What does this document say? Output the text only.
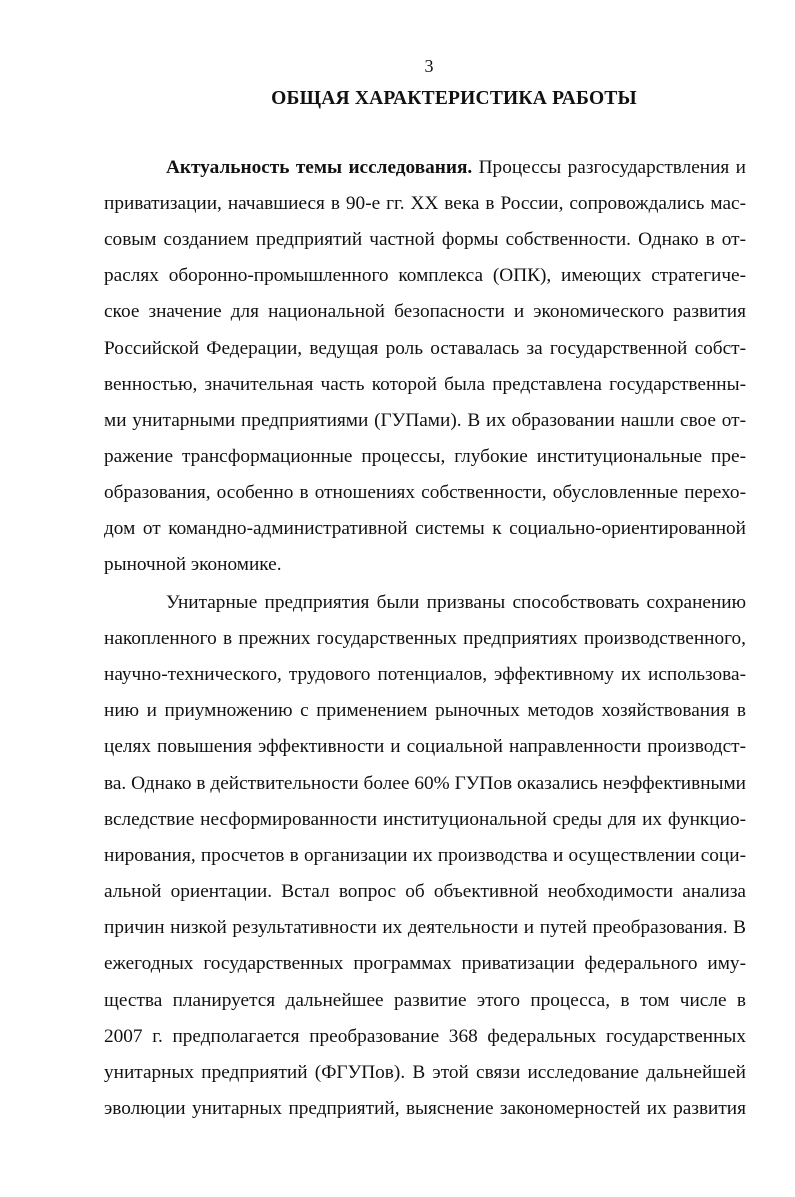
3
ОБЩАЯ ХАРАКТЕРИСТИКА РАБОТЫ
Актуальность темы исследования. Процессы разгосударствления и
приватизации, начавшиеся в 90-е гг. XX века в России, сопровождались мас-
совым созданием предприятий частной формы собственности. Однако в от-
раслях оборонно-промышленного комплекса (ОПК), имеющих стратегиче-
ское значение для национальной безопасности и экономического развития
Российской Федерации, ведущая роль оставалась за государственной собст-
венностью, значительная часть которой была представлена государственны-
ми унитарными предприятиями (ГУПами). В их образовании нашли свое от-
ражение трансформационные процессы, глубокие институциональные пре-
образования, особенно в отношениях собственности, обусловленные перехо-
дом от командно-административной системы к социально-ориентированной
рыночной экономике.
Унитарные предприятия были призваны способствовать сохранению
накопленного в прежних государственных предприятиях производственного,
научно-технического, трудового потенциалов, эффективному их использова-
нию и приумножению с применением рыночных методов хозяйствования в
целях повышения эффективности и социальной направленности производст-
ва. Однако в действительности более 60% ГУПов оказались неэффективными
вследствие несформированности институциональной среды для их функцио-
нирования, просчетов в организации их производства и осуществлении соци-
альной ориентации. Встал вопрос об объективной необходимости анализа
причин низкой результативности их деятельности и путей преобразования. В
ежегодных государственных программах приватизации федерального иму-
щества планируется дальнейшее развитие этого процесса, в том числе в
2007 г. предполагается преобразование 368 федеральных государственных
унитарных предприятий (ФГУПов). В этой связи исследование дальнейшей
эволюции унитарных предприятий, выяснение закономерностей их развития
